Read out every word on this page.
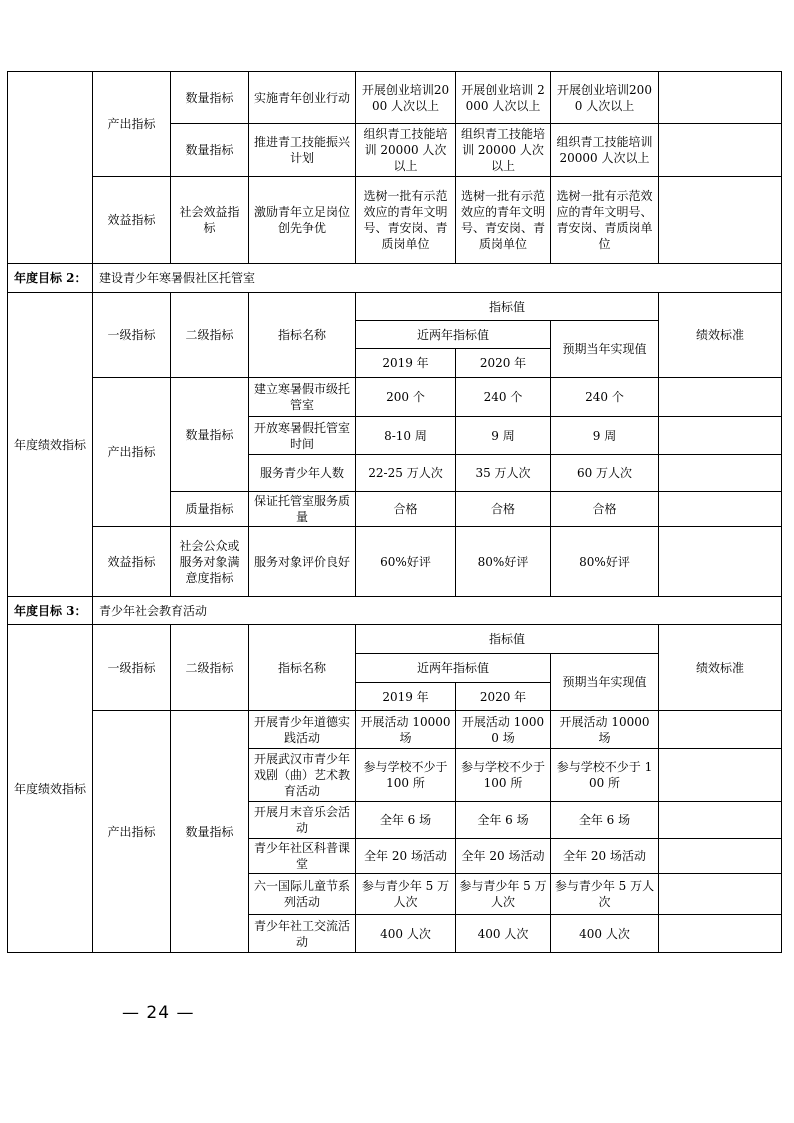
	产出指标	数量指标	实施青年创业行动	开展创业培训2000 人次以上	开展创业培训 2000 人次以上	开展创业培训2000 人次以上	
		数量指标	推进青工技能振兴计划	组织青工技能培训 20000 人次以上	组织青工技能培训 20000 人次以上	组织青工技能培训 20000 人次以上	
	效益指标	社会效益指标	激励青年立足岗位创先争优	选树一批有示范效应的青年文明号、青安岗、青质岗单位	选树一批有示范效应的青年文明号、青安岗、青质岗单位	选树一批有示范效应的青年文明号、青安岗、青质岗单位	
年度目标 2：	建设青少年寒暑假社区托管室						
年度绩效指标	一级指标	二级指标	指标名称	指标值			绩效标准
				近两年指标值		预期当年实现值	
				2019 年	2020 年		
	产出指标	数量指标	建立寒暑假市级托管室	200 个	240 个	240 个	
			开放寒暑假托管室时间	8-10 周	9 周	9 周	
			服务青少年人数	22-25 万人次	35 万人次	60 万人次	
		质量指标	保证托管室服务质量	合格	合格	合格	
	效益指标	社会公众或服务对象满意度指标	服务对象评价良好	60%好评	80%好评	80%好评	
年度目标 3：	青少年社会教育活动						
年度绩效指标	一级指标	二级指标	指标名称	指标值			绩效标准
				近两年指标值		预期当年实现值	
				2019 年	2020 年		
	产出指标	数量指标	开展青少年道德实践活动	开展活动 10000 场	开展活动 10000 场	开展活动 10000 场	
			开展武汉市青少年戏剧（曲）艺术教育活动	参与学校不少于 100 所	参与学校不少于 100 所	参与学校不少于 100 所	
			开展月末音乐会活动	全年 6 场	全年 6 场	全年 6 场	
			青少年社区科普课堂	全年 20 场活动	全年 20 场活动	全年 20 场活动	
			六一国际儿童节系列活动	参与青少年 5 万人次	参与青少年 5 万人次	参与青少年 5 万人次	
			青少年社工交流活动	400 人次	400 人次	400 人次	
— 24 —
